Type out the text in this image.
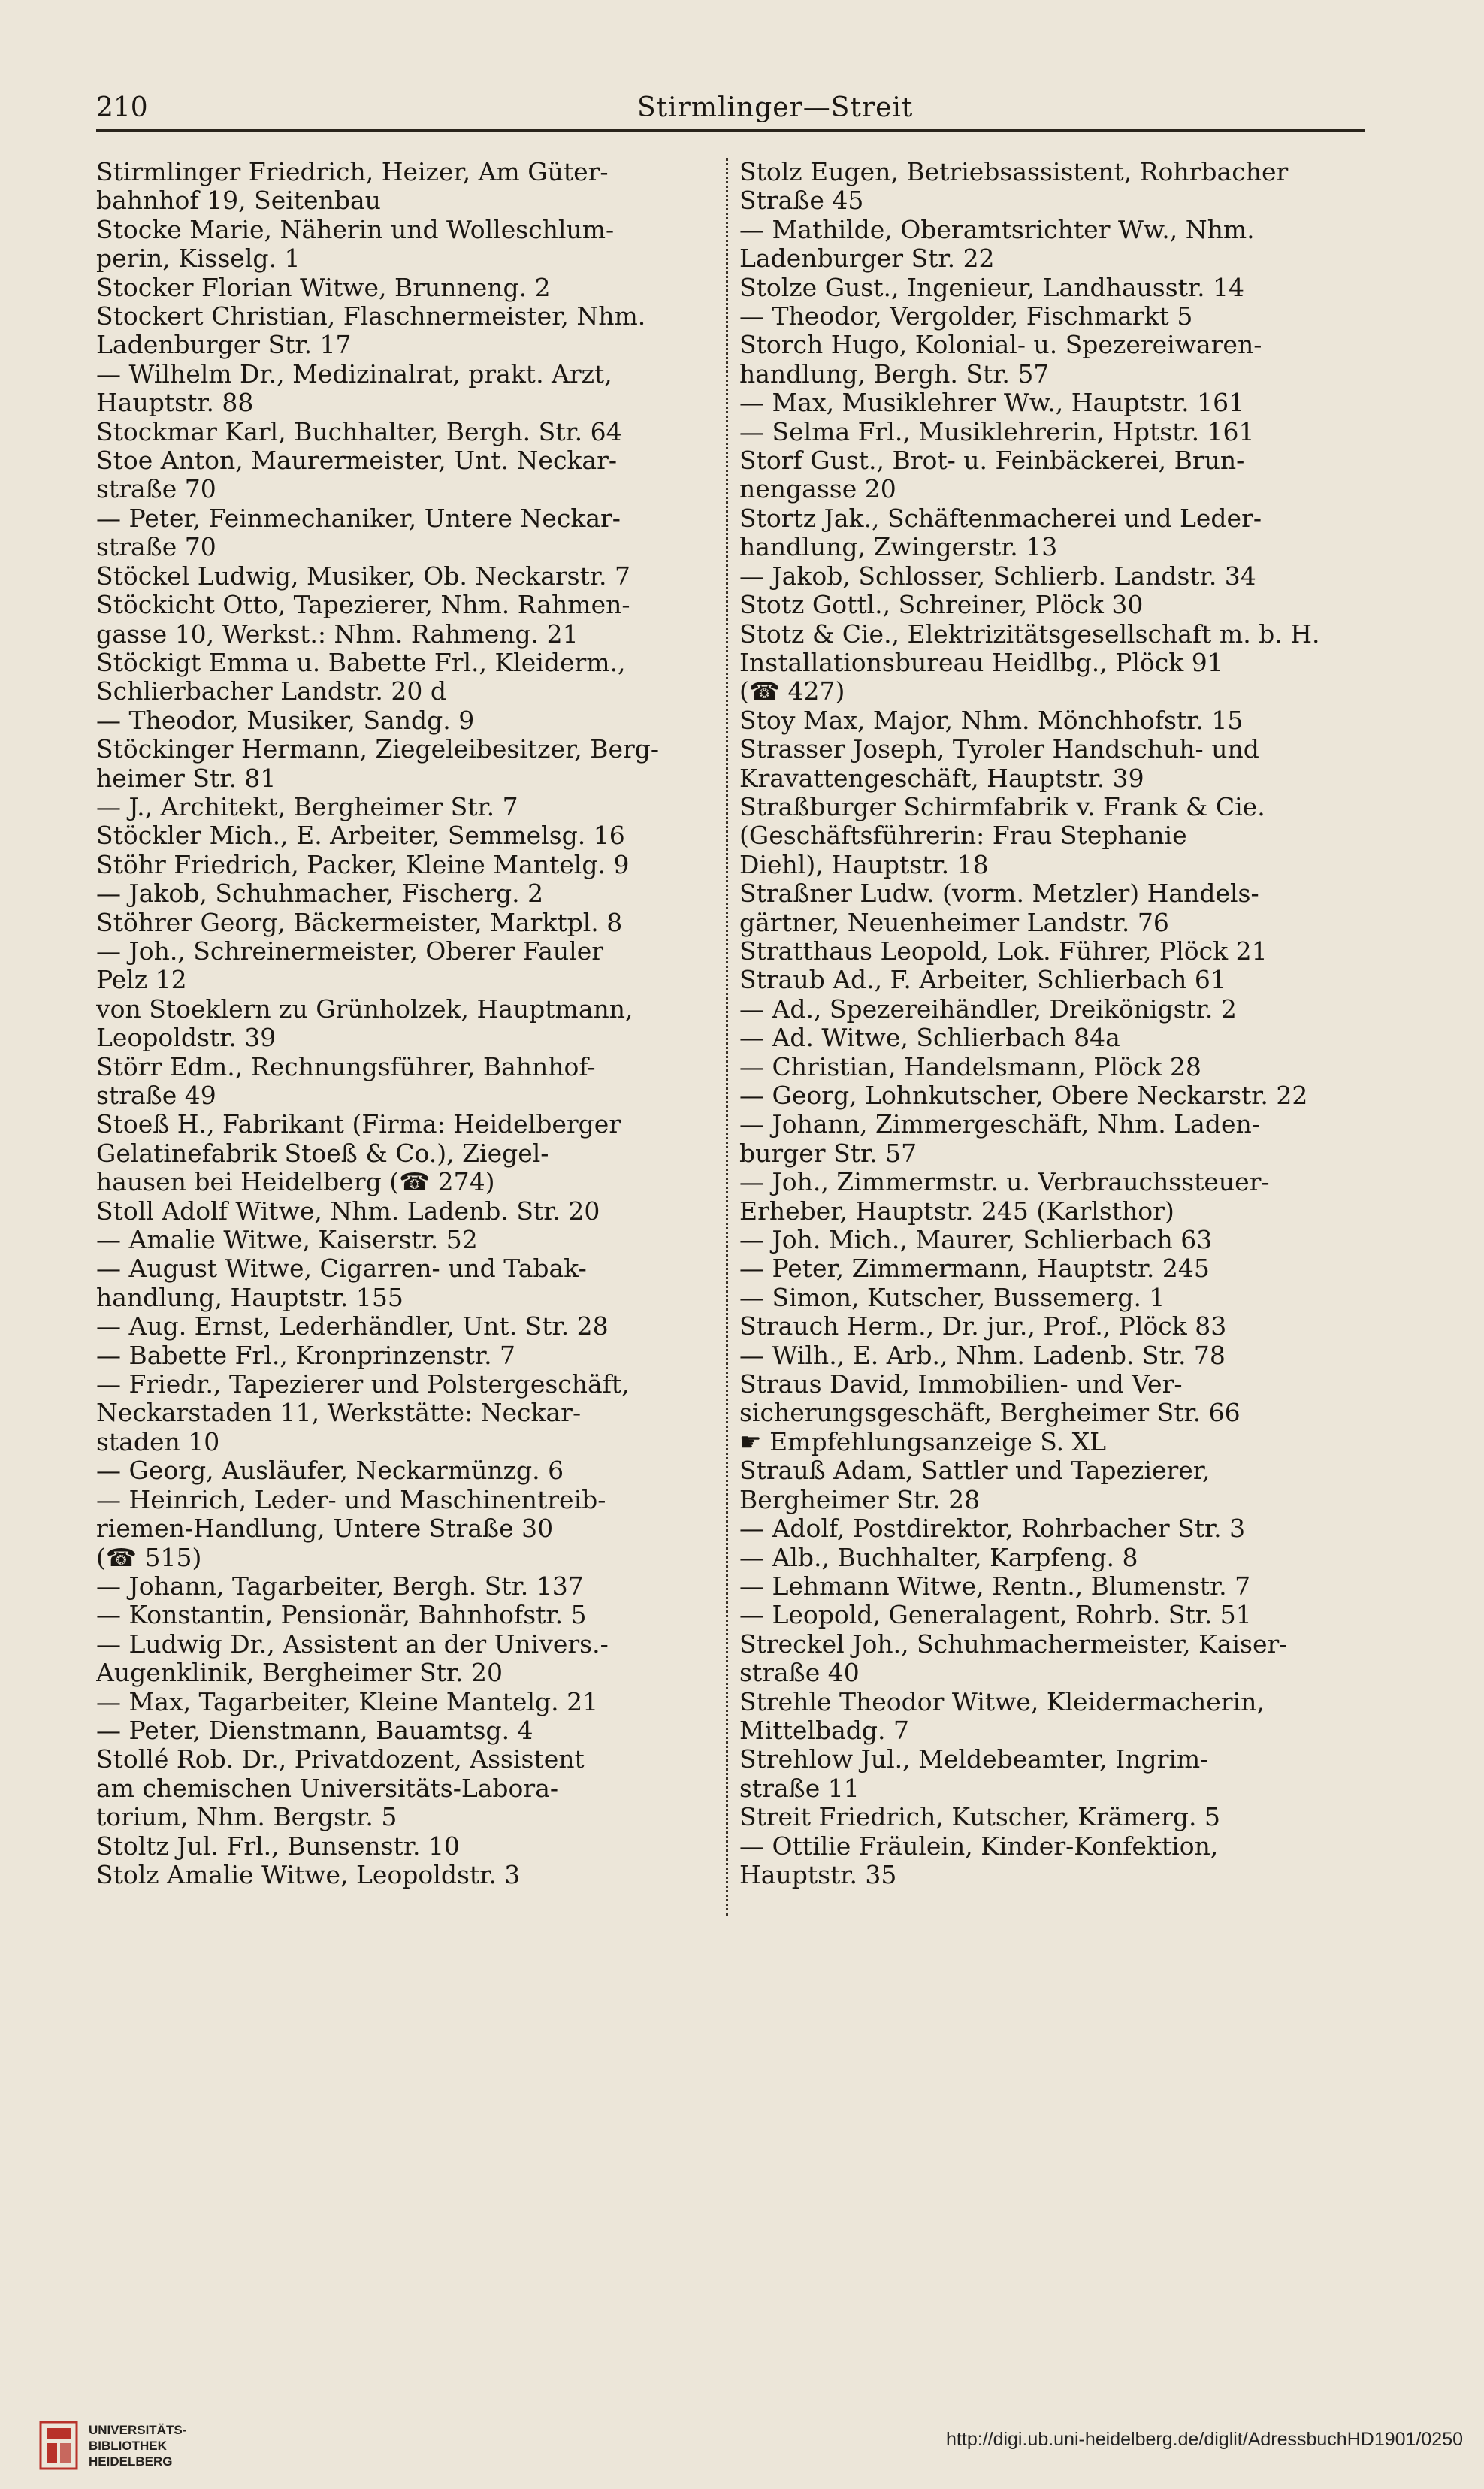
210	Stirmlinger—Streit
Stirmlinger Friedrich, Heizer, Am Güter-
bahnhof 19, Seitenbau
Stocke Marie, Näherin und Wolleschlum-
perin, Kisselg. 1
Stocker Florian Witwe, Brunneng. 2
Stockert Christian, Flaschnermeister, Nhm.
Ladenburger Str. 17
— Wilhelm Dr., Medizinalrat, prakt. Arzt,
Hauptstr. 88
Stockmar Karl, Buchhalter, Bergh. Str. 64
Stoe Anton, Maurermeister, Unt. Neckar-
straße 70
— Peter, Feinmechaniker, Untere Neckar-
straße 70
Stöckel Ludwig, Musiker, Ob. Neckarstr. 7
Stöckicht Otto, Tapezierer, Nhm. Rahmen-
gasse 10, Werkst.: Nhm. Rahmeng. 21
Stöckigt Emma u. Babette Frl., Kleiderm.,
Schlierbacher Landstr. 20 d
— Theodor, Musiker, Sandg. 9
Stöckinger Hermann, Ziegeleibesitzer, Berg-
heimer Str. 81
— J., Architekt, Bergheimer Str. 7
Stöckler Mich., E. Arbeiter, Semmelsg. 16
Stöhr Friedrich, Packer, Kleine Mantelg. 9
— Jakob, Schuhmacher, Fischerg. 2
Stöhrer Georg, Bäckermeister, Marktpl. 8
— Joh., Schreinermeister, Oberer Fauler
Pelz 12
von Stoeklern zu Grünholzek, Hauptmann,
Leopoldstr. 39
Störr Edm., Rechnungsführer, Bahnhof-
straße 49
Stoeß H., Fabrikant (Firma: Heidelberger
Gelatinefabrik Stoeß & Co.), Ziegel-
hausen bei Heidelberg (☎ 274)
Stoll Adolf Witwe, Nhm. Ladenb. Str. 20
— Amalie Witwe, Kaiserstr. 52
— August Witwe, Cigarren- und Tabak-
handlung, Hauptstr. 155
— Aug. Ernst, Lederhändler, Unt. Str. 28
— Babette Frl., Kronprinzenstr. 7
— Friedr., Tapezierer und Polstergeschäft,
Neckarstaden 11, Werkstätte: Neckar-
staden 10
— Georg, Ausläufer, Neckarmünzg. 6
— Heinrich, Leder- und Maschinentreib-
riemen-Handlung, Untere Straße 30
(☎ 515)
— Johann, Tagarbeiter, Bergh. Str. 137
— Konstantin, Pensionär, Bahnhofstr. 5
— Ludwig Dr., Assistent an der Univers.-
Augenklinik, Bergheimer Str. 20
— Max, Tagarbeiter, Kleine Mantelg. 21
— Peter, Dienstmann, Bauamtsg. 4
Stollé Rob. Dr., Privatdozent, Assistent
am chemischen Universitäts-Labora-
torium, Nhm. Bergstr. 5
Stoltz Jul. Frl., Bunsenstr. 10
Stolz Amalie Witwe, Leopoldstr. 3
Stolz Eugen, Betriebsassistent, Rohrbacher
Straße 45
— Mathilde, Oberamtsrichter Ww., Nhm.
Ladenburger Str. 22
Stolze Gust., Ingenieur, Landhausstr. 14
— Theodor, Vergolder, Fischmarkt 5
Storch Hugo, Kolonial- u. Spezereiwaren-
handlung, Bergh. Str. 57
— Max, Musiklehrer Ww., Hauptstr. 161
— Selma Frl., Musiklehrerin, Hptstr. 161
Storf Gust., Brot- u. Feinbäckerei, Brun-
nengasse 20
Stortz Jak., Schäftenmacherei und Leder-
handlung, Zwingerstr. 13
— Jakob, Schlosser, Schlierb. Landstr. 34
Stotz Gottl., Schreiner, Plöck 30
Stotz & Cie., Elektrizitätsgesellschaft m. b. H.
Installationsbureau Heidlbg., Plöck 91
(☎ 427)
Stoy Max, Major, Nhm. Mönchhofstr. 15
Strasser Joseph, Tyroler Handschuh- und
Kravattengeschäft, Hauptstr. 39
Straßburger Schirmfabrik v. Frank & Cie.
(Geschäftsführerin: Frau Stephanie
Diehl), Hauptstr. 18
Straßner Ludw. (vorm. Metzler) Handels-
gärtner, Neuenheimer Landstr. 76
Stratthaus Leopold, Lok. Führer, Plöck 21
Straub Ad., F. Arbeiter, Schlierbach 61
— Ad., Spezereihändler, Dreikönigstr. 2
— Ad. Witwe, Schlierbach 84a
— Christian, Handelsmann, Plöck 28
— Georg, Lohnkutscher, Obere Neckarstr. 22
— Johann, Zimmergeschäft, Nhm. Laden-
burger Str. 57
— Joh., Zimmermstr. u. Verbrauchssteuer-
Erheber, Hauptstr. 245 (Karlsthor)
— Joh. Mich., Maurer, Schlierbach 63
— Peter, Zimmermann, Hauptstr. 245
— Simon, Kutscher, Bussemerg. 1
Strauch Herm., Dr. jur., Prof., Plöck 83
— Wilh., E. Arb., Nhm. Ladenb. Str. 78
Straus David, Immobilien- und Ver-
sicherungsgeschäft, Bergheimer Str. 66
☛ Empfehlungsanzeige S. XL
Strauß Adam, Sattler und Tapezierer,
Bergheimer Str. 28
— Adolf, Postdirektor, Rohrbacher Str. 3
— Alb., Buchhalter, Karpfeng. 8
— Lehmann Witwe, Rentn., Blumenstr. 7
— Leopold, Generalagent, Rohrb. Str. 51
Streckel Joh., Schuhmachermeister, Kaiser-
straße 40
Strehle Theodor Witwe, Kleidermacherin,
Mittelbadg. 7
Strehlow Jul., Meldebeamter, Ingrim-
straße 11
Streit Friedrich, Kutscher, Krämerg. 5
— Ottilie Fräulein, Kinder-Konfektion,
Hauptstr. 35
UNIVERSITÄTS-
BIBLIOTHEK
HEIDELBERG
http://digi.ub.uni-heidelberg.de/diglit/AdressbuchHD1901/0250
